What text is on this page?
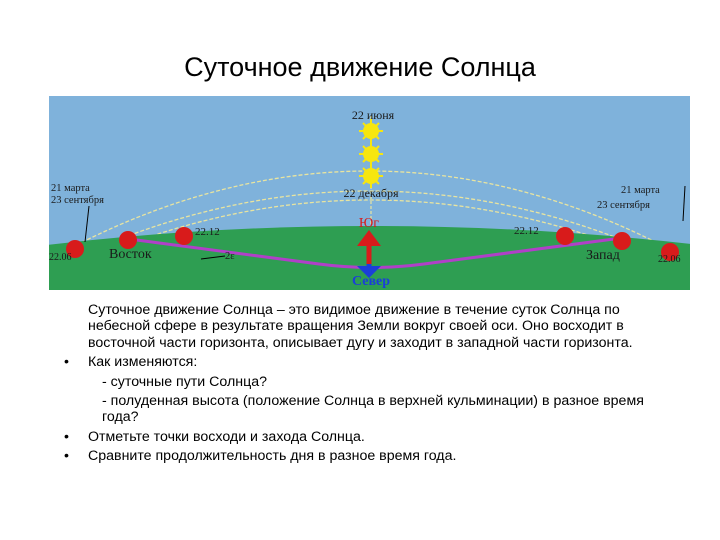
Суточное движение Солнца
22 июня
22 декабря
21 марта
23 сентября
21 марта
23 сентября
22.12	22.12
22.06	22.06
Восток	Запад
2ε
Юг
Север

Суточное движение Солнца – это видимое движение в течение суток Солнца по небесной сфере в результате вращения Земли вокруг своей оси. Оно восходит в восточной части горизонта, описывает дугу и заходит в западной части горизонта.

•	Как изменяются:

- суточные пути Солнца?

- полуденная высота (положение Солнца в верхней кульминации) в разное время года?

•	Отметьте точки восходи и захода Солнца.
•	Сравните продолжительность дня в разное время года.
